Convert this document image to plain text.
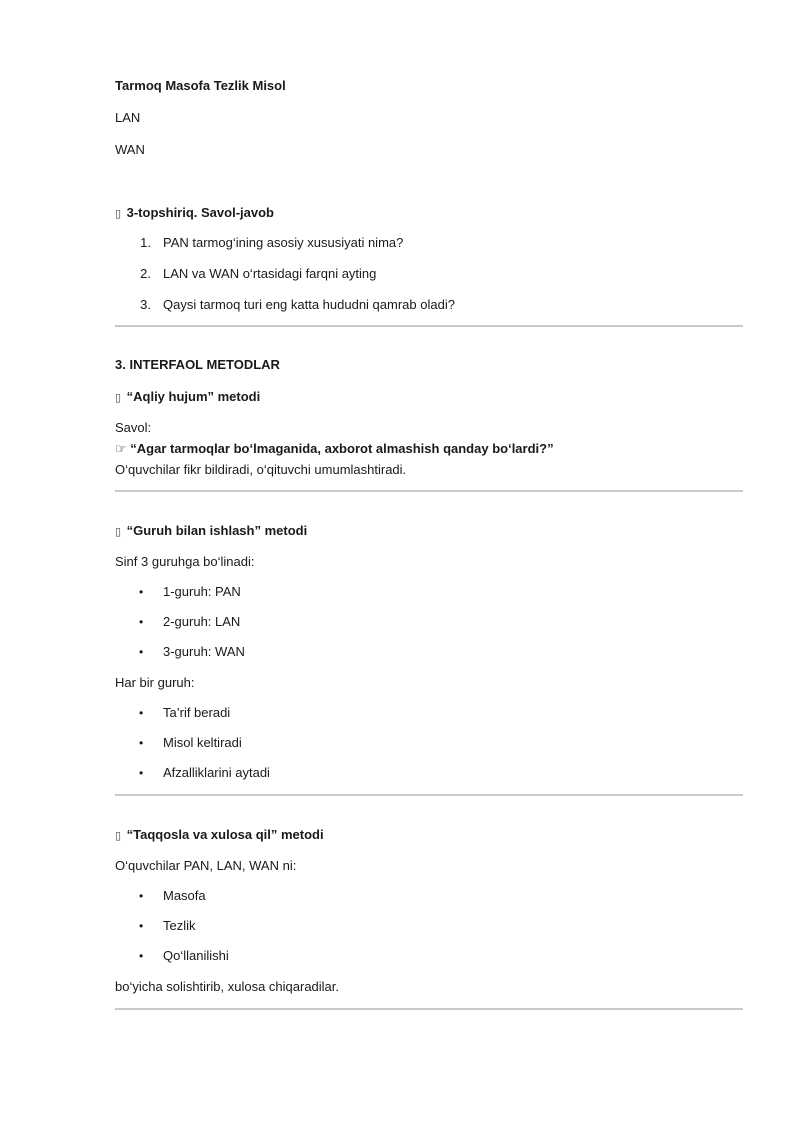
Tarmoq Masofa Tezlik Misol
LAN
WAN
▯ 3-topshiriq. Savol-javob
1. PAN tarmog‘ining asosiy xususiyati nima?
2. LAN va WAN o‘rtasidagi farqni ayting
3. Qaysi tarmoq turi eng katta hududni qamrab oladi?
3. INTERFAOL METODLAR
▯ “Aqliy hujum” metodi
Savol:
☞ “Agar tarmoqlar bo‘lmaganida, axborot almashish qanday bo‘lardi?”
O‘quvchilar fikr bildiradi, o‘qituvchi umumlashtiradi.
▯ “Guruh bilan ishlash” metodi
Sinf 3 guruhga bo‘linadi:
• 1-guruh: PAN
• 2-guruh: LAN
• 3-guruh: WAN
Har bir guruh:
• Ta’rif beradi
• Misol keltiradi
• Afzalliklarini aytadi
▯ “Taqqosla va xulosa qil” metodi
O‘quvchilar PAN, LAN, WAN ni:
• Masofa
• Tezlik
• Qo‘llanilishi
bo‘yicha solishtirib, xulosa chiqaradilar.
